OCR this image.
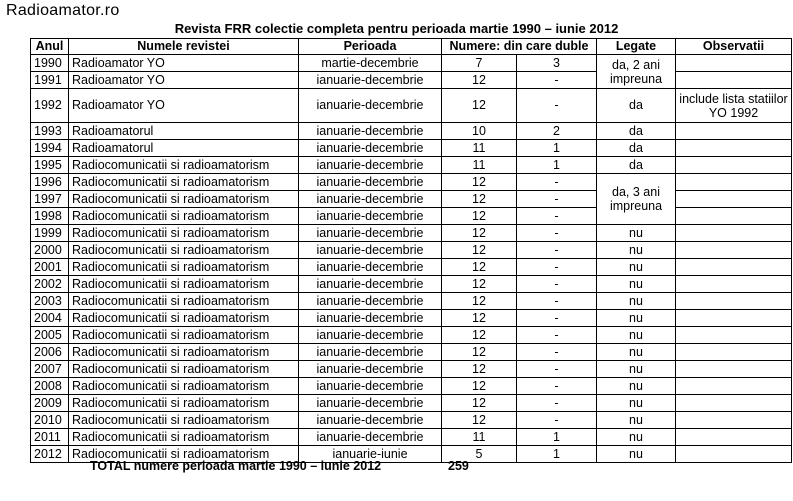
Radioamator.ro
Revista FRR colectie completa pentru perioada martie 1990 – iunie 2012
Anul	Numele revistei	Perioada	Numere: din care duble		Legate	Observatii
1990	Radioamator YO	martie-decembrie	7	3	da, 2 ani impreuna	
1991	Radioamator YO	ianuarie-decembrie	12	-		
1992	Radioamator YO	ianuarie-decembrie	12	-	da	include lista statiilor YO 1992
1993	Radioamatorul	ianuarie-decembrie	10	2	da	
1994	Radioamatorul	ianuarie-decembrie	11	1	da	
1995	Radiocomunicatii si radioamatorism	ianuarie-decembrie	11	1	da	
1996	Radiocomunicatii si radioamatorism	ianuarie-decembrie	12	-	da, 3 ani impreuna	
1997	Radiocomunicatii si radioamatorism	ianuarie-decembrie	12	-		
1998	Radiocomunicatii si radioamatorism	ianuarie-decembrie	12	-		
1999	Radiocomunicatii si radioamatorism	ianuarie-decembrie	12	-	nu	
2000	Radiocomunicatii si radioamatorism	ianuarie-decembrie	12	-	nu	
2001	Radiocomunicatii si radioamatorism	ianuarie-decembrie	12	-	nu	
2002	Radiocomunicatii si radioamatorism	ianuarie-decembrie	12	-	nu	
2003	Radiocomunicatii si radioamatorism	ianuarie-decembrie	12	-	nu	
2004	Radiocomunicatii si radioamatorism	ianuarie-decembrie	12	-	nu	
2005	Radiocomunicatii si radioamatorism	ianuarie-decembrie	12	-	nu	
2006	Radiocomunicatii si radioamatorism	ianuarie-decembrie	12	-	nu	
2007	Radiocomunicatii si radioamatorism	ianuarie-decembrie	12	-	nu	
2008	Radiocomunicatii si radioamatorism	ianuarie-decembrie	12	-	nu	
2009	Radiocomunicatii si radioamatorism	ianuarie-decembrie	12	-	nu	
2010	Radiocomunicatii si radioamatorism	ianuarie-decembrie	12	-	nu	
2011	Radiocomunicatii si radioamatorism	ianuarie-decembrie	11	1	nu	
2012	Radiocomunicatii si radioamatorism	ianuarie-iunie	5	1	nu	
TOTAL numere perioada martie 1990 – iunie 2012	259
